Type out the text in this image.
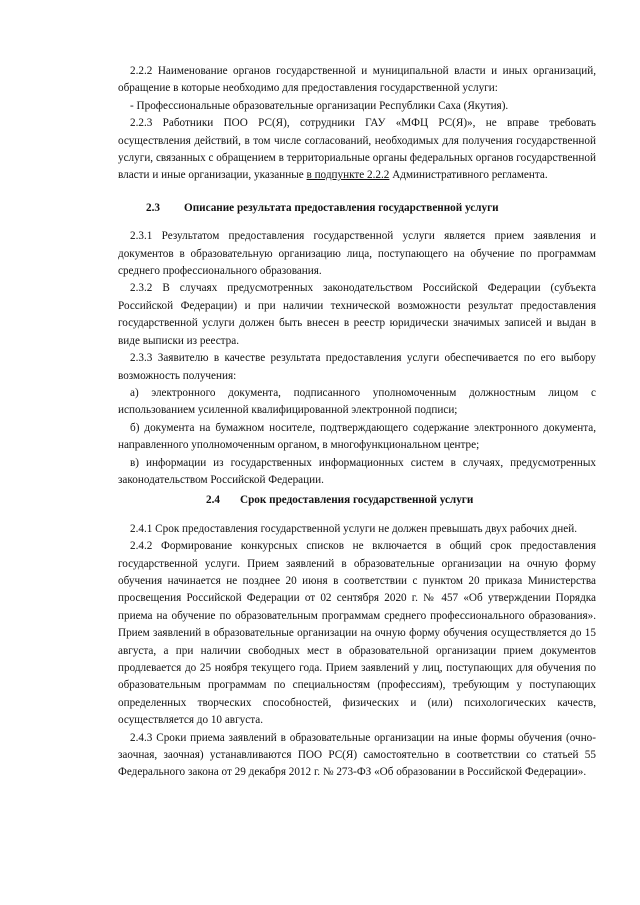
2.2.2 Наименование органов государственной и муниципальной власти и иных организаций, обращение в которые необходимо для предоставления государственной услуги:

- Профессиональные образовательные организации Республики Саха (Якутия).

2.2.3 Работники ПОО РС(Я), сотрудники ГАУ «МФЦ РС(Я)», не вправе требовать осуществления действий, в том числе согласований, необходимых для получения государственной услуги, связанных с обращением в территориальные органы федеральных органов государственной власти и иные организации, указанные в подпункте 2.2.2 Административного регламента.

2.3 Описание результата предоставления государственной услуги

2.3.1 Результатом предоставления государственной услуги является прием заявления и документов в образовательную организацию лица, поступающего на обучение по программам среднего профессионального образования.

2.3.2 В случаях предусмотренных законодательством Российской Федерации (субъекта Российской Федерации) и при наличии технической возможности результат предоставления государственной услуги должен быть внесен в реестр юридически значимых записей и выдан в виде выписки из реестра.

2.3.3 Заявителю в качестве результата предоставления услуги обеспечивается по его выбору возможность получения:

а) электронного документа, подписанного уполномоченным должностным лицом с использованием усиленной квалифицированной электронной подписи;

б) документа на бумажном носителе, подтверждающего содержание электронного документа, направленного уполномоченным органом, в многофункциональном центре;

в) информации из государственных информационных систем в случаях, предусмотренных законодательством Российской Федерации.

2.4 Срок предоставления государственной услуги

2.4.1 Срок предоставления государственной услуги не должен превышать двух рабочих дней.

2.4.2 Формирование конкурсных списков не включается в общий срок предоставления государственной услуги. Прием заявлений в образовательные организации на очную форму обучения начинается не позднее 20 июня в соответствии с пунктом 20 приказа Министерства просвещения Российской Федерации от 02 сентября 2020 г. № 457 «Об утверждении Порядка приема на обучение по образовательным программам среднего профессионального образования». Прием заявлений в образовательные организации на очную форму обучения осуществляется до 15 августа, а при наличии свободных мест в образовательной организации прием документов продлевается до 25 ноября текущего года. Прием заявлений у лиц, поступающих для обучения по образовательным программам по специальностям (профессиям), требующим у поступающих определенных творческих способностей, физических и (или) психологических качеств, осуществляется до 10 августа.

2.4.3 Сроки приема заявлений в образовательные организации на иные формы обучения (очно-заочная, заочная) устанавливаются ПОО РС(Я) самостоятельно в соответствии со статьей 55 Федерального закона от 29 декабря 2012 г. № 273-ФЗ «Об образовании в Российской Федерации».
